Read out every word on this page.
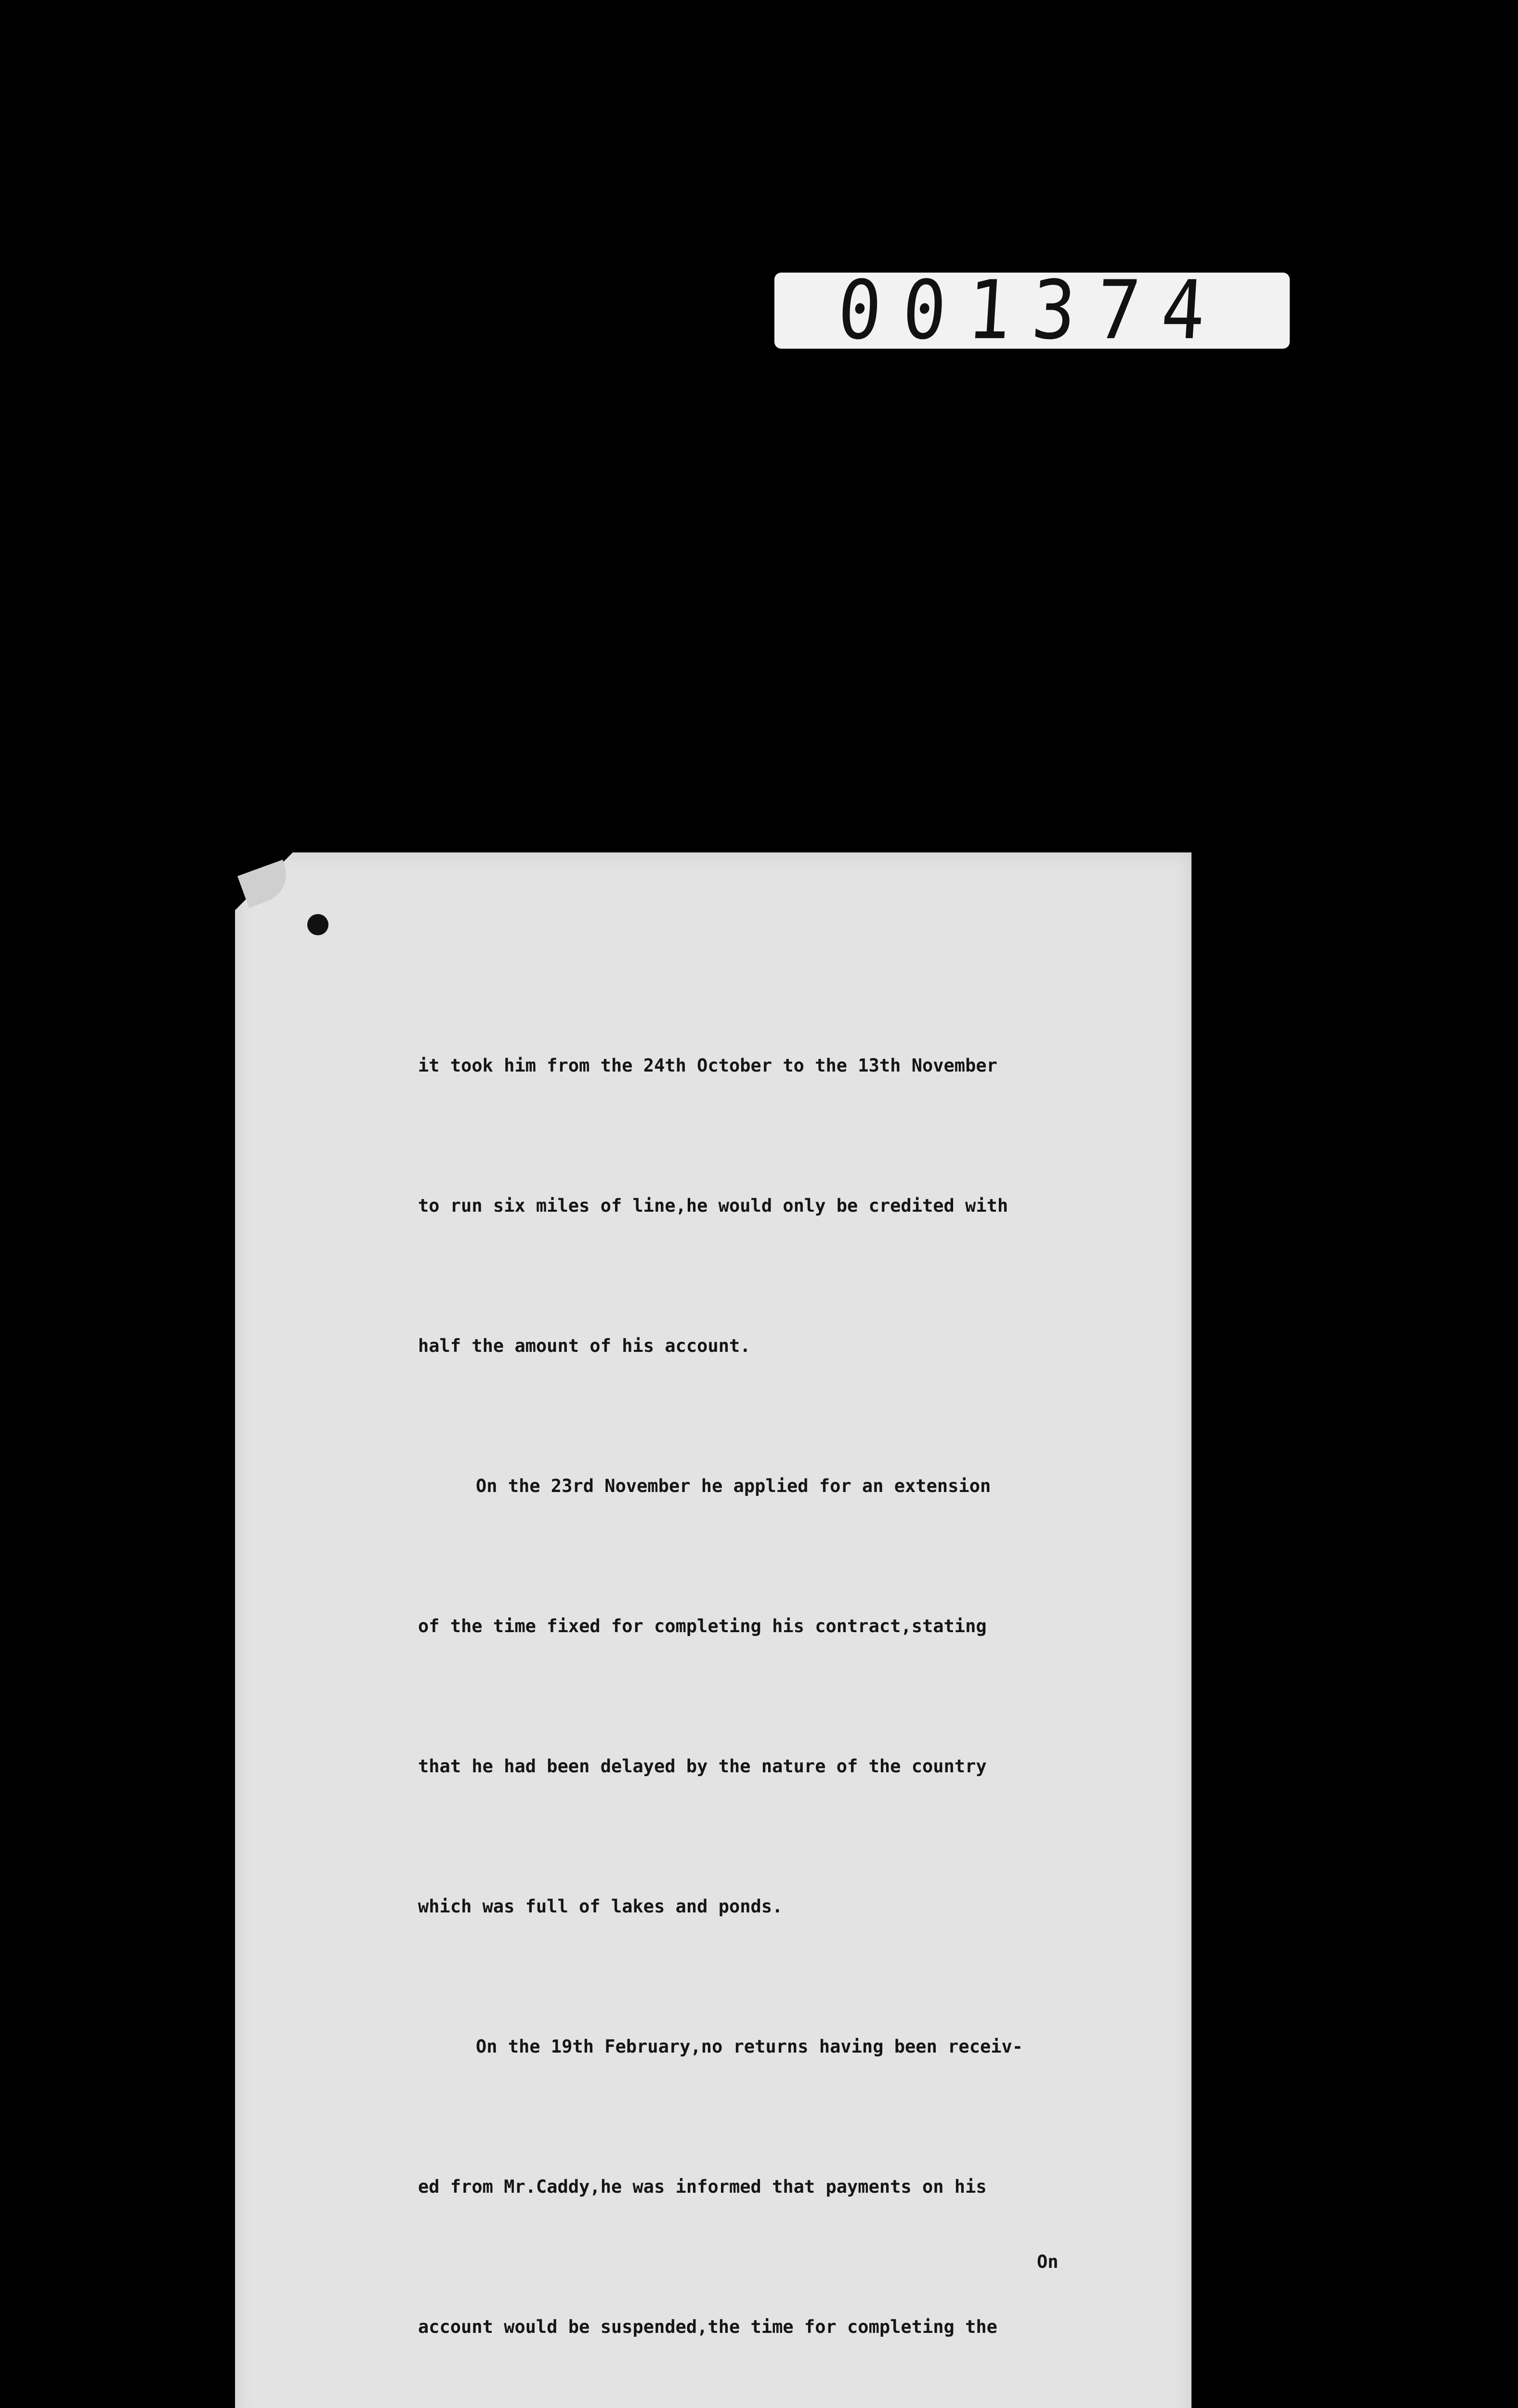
001374

it took him from the 24th October to the 13th November

to run six miles of line,he would only be credited with

half the amount of his account.

On the 23rd November he applied for an extension

of the time fixed for completing his contract,stating

that he had been delayed by the nature of the country

which was full of lakes and ponds.

On the 19th February,no returns having been receiv-

ed from Mr.Caddy,he was informed that payments on his

account would be suspended,the time for completing the

On
